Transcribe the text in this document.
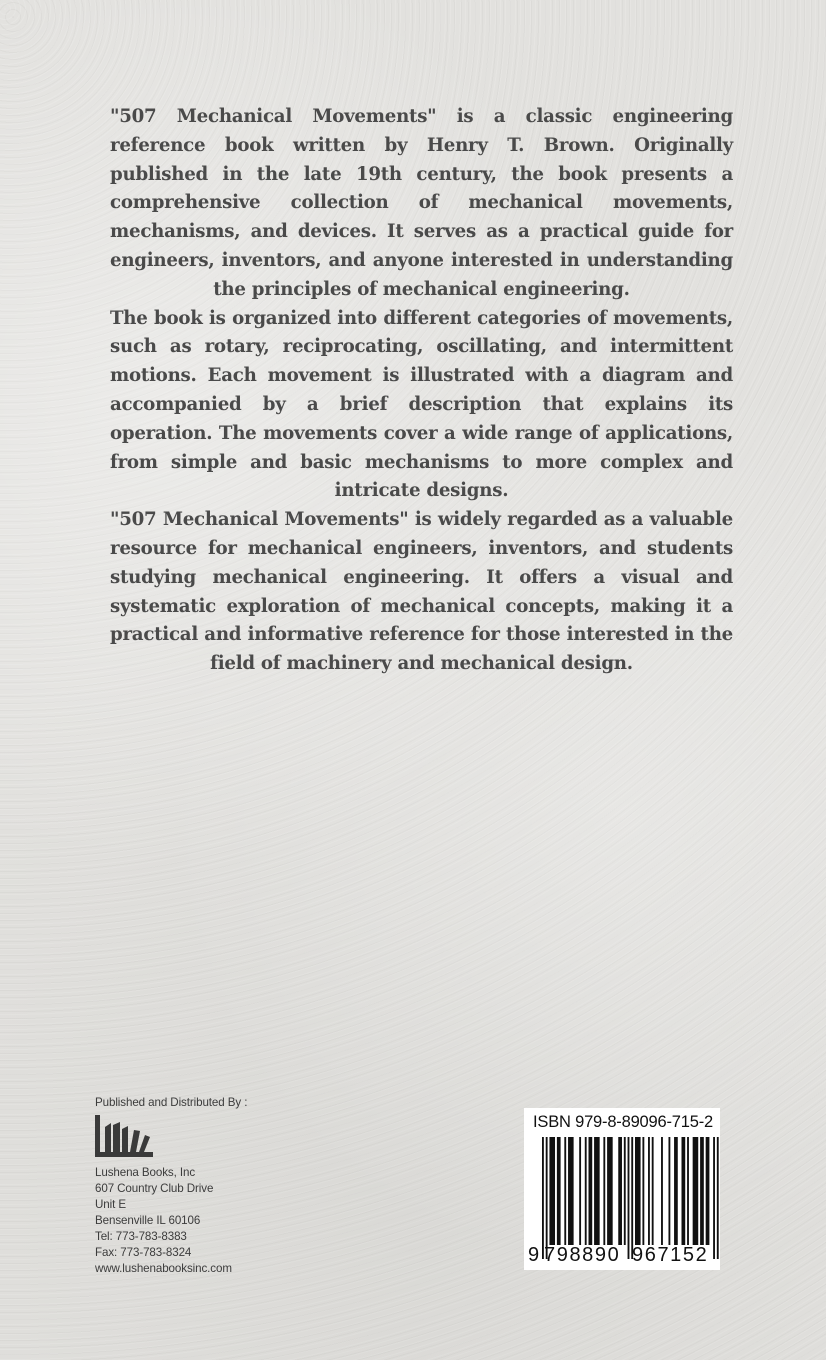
"507 Mechanical Movements" is a classic engineering reference book written by Henry T. Brown. Originally published in the late 19th century, the book presents a comprehensive collection of mechanical movements, mechanisms, and devices. It serves as a practical guide for engineers, inventors, and anyone interested in understanding the principles of mechanical engineering.

The book is organized into different categories of movements, such as rotary, reciprocating, oscillating, and intermittent motions. Each movement is illustrated with a diagram and accompanied by a brief description that explains its operation. The movements cover a wide range of applications, from simple and basic mechanisms to more complex and intricate designs.

"507 Mechanical Movements" is widely regarded as a valuable resource for mechanical engineers, inventors, and students studying mechanical engineering. It offers a visual and systematic exploration of mechanical concepts, making it a practical and informative reference for those interested in the field of machinery and mechanical design.

Published and Distributed By :
Lushena Books, Inc
607 Country Club Drive
Unit E
Bensenville IL 60106
Tel: 773-783-8383
Fax: 773-783-8324
www.lushenabooksinc.com
ISBN 979-8-89096-715-2
9 798890 967152
